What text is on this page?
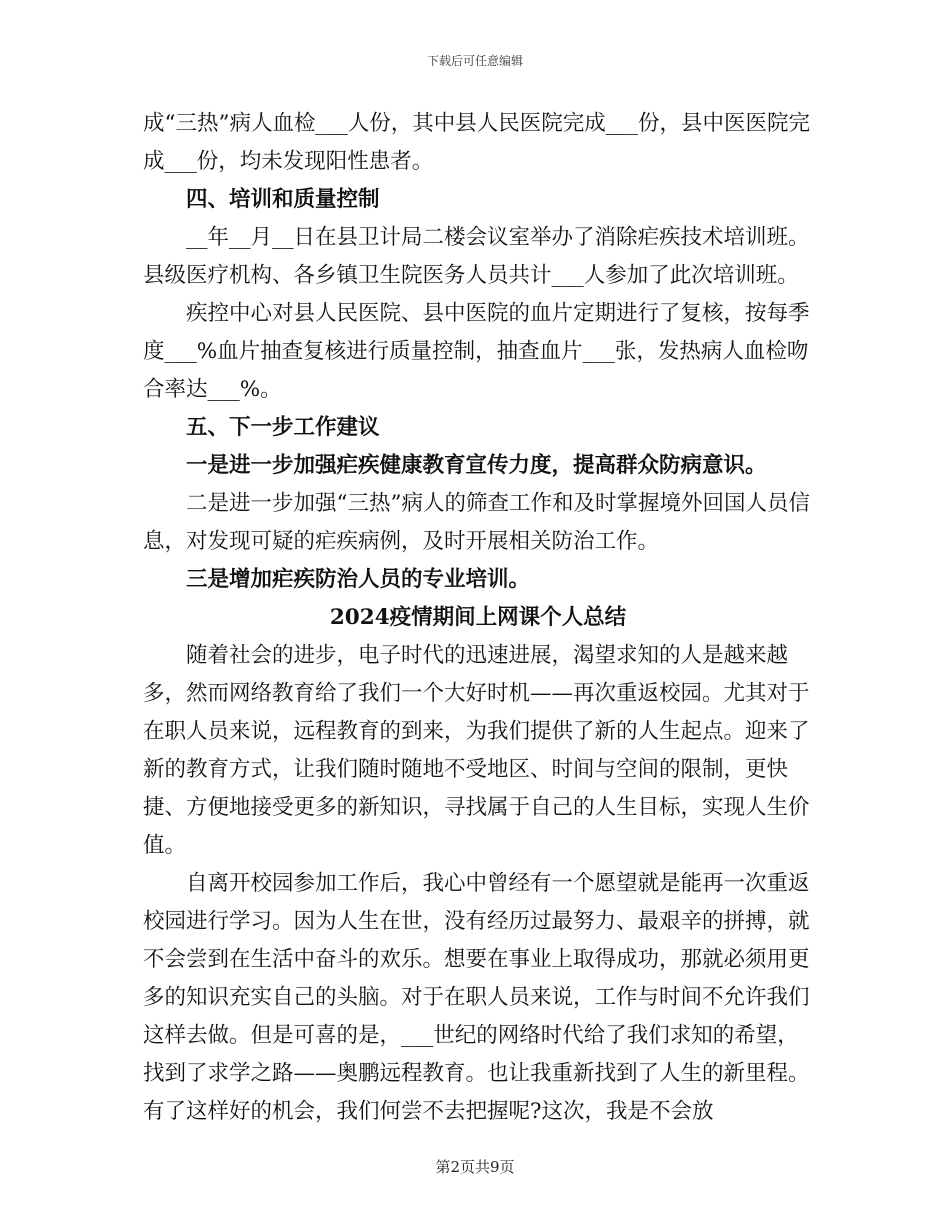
下载后可任意编辑

成“三热”病人血检___人份，其中县人民医院完成___份，县中医医院完成___份，均未发现阳性患者。

四、培训和质量控制

__年__月__日在县卫计局二楼会议室举办了消除疟疾技术培训班。县级医疗机构、各乡镇卫生院医务人员共计___人参加了此次培训班。

疾控中心对县人民医院、县中医院的血片定期进行了复核，按每季度___%血片抽查复核进行质量控制，抽查血片___张，发热病人血检吻合率达___%。

五、下一步工作建议

一是进一步加强疟疾健康教育宣传力度，提高群众防病意识。

二是进一步加强“三热”病人的筛查工作和及时掌握境外回国人员信息，对发现可疑的疟疾病例，及时开展相关防治工作。

三是增加疟疾防治人员的专业培训。

2024疫情期间上网课个人总结

随着社会的进步，电子时代的迅速进展，渴望求知的人是越来越多，然而网络教育给了我们一个大好时机——再次重返校园。尤其对于在职人员来说，远程教育的到来，为我们提供了新的人生起点。迎来了新的教育方式，让我们随时随地不受地区、时间与空间的限制，更快捷、方便地接受更多的新知识，寻找属于自己的人生目标，实现人生价值。

自离开校园参加工作后，我心中曾经有一个愿望就是能再一次重返校园进行学习。因为人生在世，没有经历过最努力、最艰辛的拼搏，就不会尝到在生活中奋斗的欢乐。想要在事业上取得成功，那就必须用更多的知识充实自己的头脑。对于在职人员来说，工作与时间不允许我们这样去做。但是可喜的是，___世纪的网络时代给了我们求知的希望，找到了求学之路——奥鹏远程教育。也让我重新找到了人生的新里程。有了这样好的机会，我们何尝不去把握呢?这次，我是不会放

第2页共9页
